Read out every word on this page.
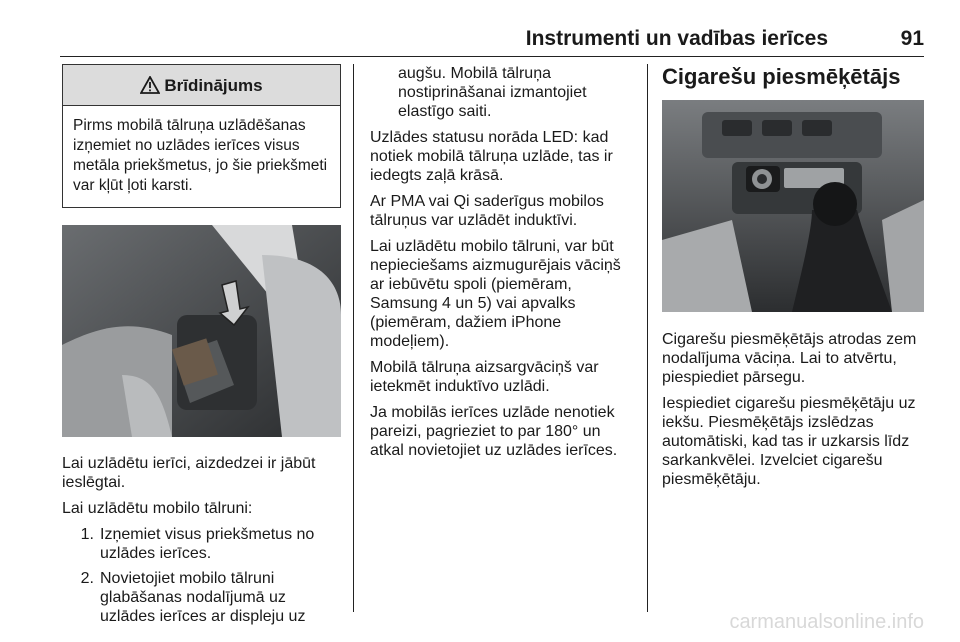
Instrumenti un vadības ierīces	91
Brīdinājums
Pirms mobilā tālruņa uzlādēšanas izņemiet no uzlādes ierīces visus metāla priekšmetus, jo šie priekšmeti var kļūt ļoti karsti.

Lai uzlādētu ierīci, aizdedzei ir jābūt ieslēgtai.

Lai uzlādētu mobilo tālruni:

1. Izņemiet visus priekšmetus no uzlādes ierīces.
2. Novietojiet mobilo tālruni glabāšanas nodalījumā uz uzlādes ierīces ar displeju uz
augšu. Mobilā tālruņa nostiprināšanai izmantojiet elastīgo saiti.

Uzlādes statusu norāda LED: kad notiek mobilā tālruņa uzlāde, tas ir iedegts zaļā krāsā.

Ar PMA vai Qi saderīgus mobilos tālruņus var uzlādēt induktīvi.

Lai uzlādētu mobilo tālruni, var būt nepieciešams aizmugurējais vāciņš ar iebūvētu spoli (piemēram, Samsung 4 un 5) vai apvalks (piemēram, dažiem iPhone modeļiem).

Mobilā tālruņa aizsargvāciņš var ietekmēt induktīvo uzlādi.

Ja mobilās ierīces uzlāde nenotiek pareizi, pagrieziet to par 180° un atkal novietojiet uz uzlādes ierīces.

Cigarešu piesmēķētājs

Cigarešu piesmēķētājs atrodas zem nodalījuma vāciņa. Lai to atvērtu, piespiediet pārsegu.

Iespiediet cigarešu piesmēķētāju uz iekšu. Piesmēķētājs izslēdzas automātiski, kad tas ir uzkarsis līdz sarkankvēlei. Izvelciet cigarešu piesmēķētāju.

carmanualsonline.info
